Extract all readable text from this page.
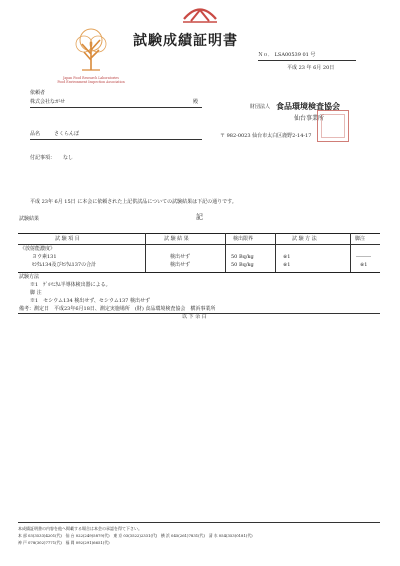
Japan Food Research Laboratories
Food Environment Inspection Association
試験成績証明書
Ｎｏ． LSA00539 01 号
平成 23 年 6月 20日
依頼者
株式会社ながせ	殿
財団法人 食品環境検査協会
仙台事業所
品名	さくらんぼ	〒 982-0023 仙台市太白区鹿野2-14-17
付記事項： なし
平成 23年 6月 15日 に本会に依頼された上記供試品についての試験結果は下記の通りです。
試験結果	記
試 験 項 目	試 験 結 果	検出限界	試 験 方 法	脚注
《放射能濃度》
ヨウ素131	検出せず	50 Bq/kg	※1	―――
ｾｼｳﾑ134及びｾｼｳﾑ137の合計	検出せず	50 Bq/kg	※1	※1
試験方法
※1　ｹﾞﾙﾏﾆｳﾑ半導体検出器による。
脚 注
※1　セシウム134 検出せず、セシウム137 検出せず
備考：測定日　平成23年6月18日、測定実施場所　(財) 食品環境検査協会　横浜事業所
以 下 余 白
本成績証明書の内容を他へ掲載する場合は本会の承認を得て下さい。
本 部 03(3533)4201(代)　仙 台 022(249)5879(代)　東 京 03(3522)2331(代)　横 浜 045(261)7831(代)　清 水 054(353)0181(代)
神 戸 078(302)7771(代)　福 岡 092(291)6651(代)
